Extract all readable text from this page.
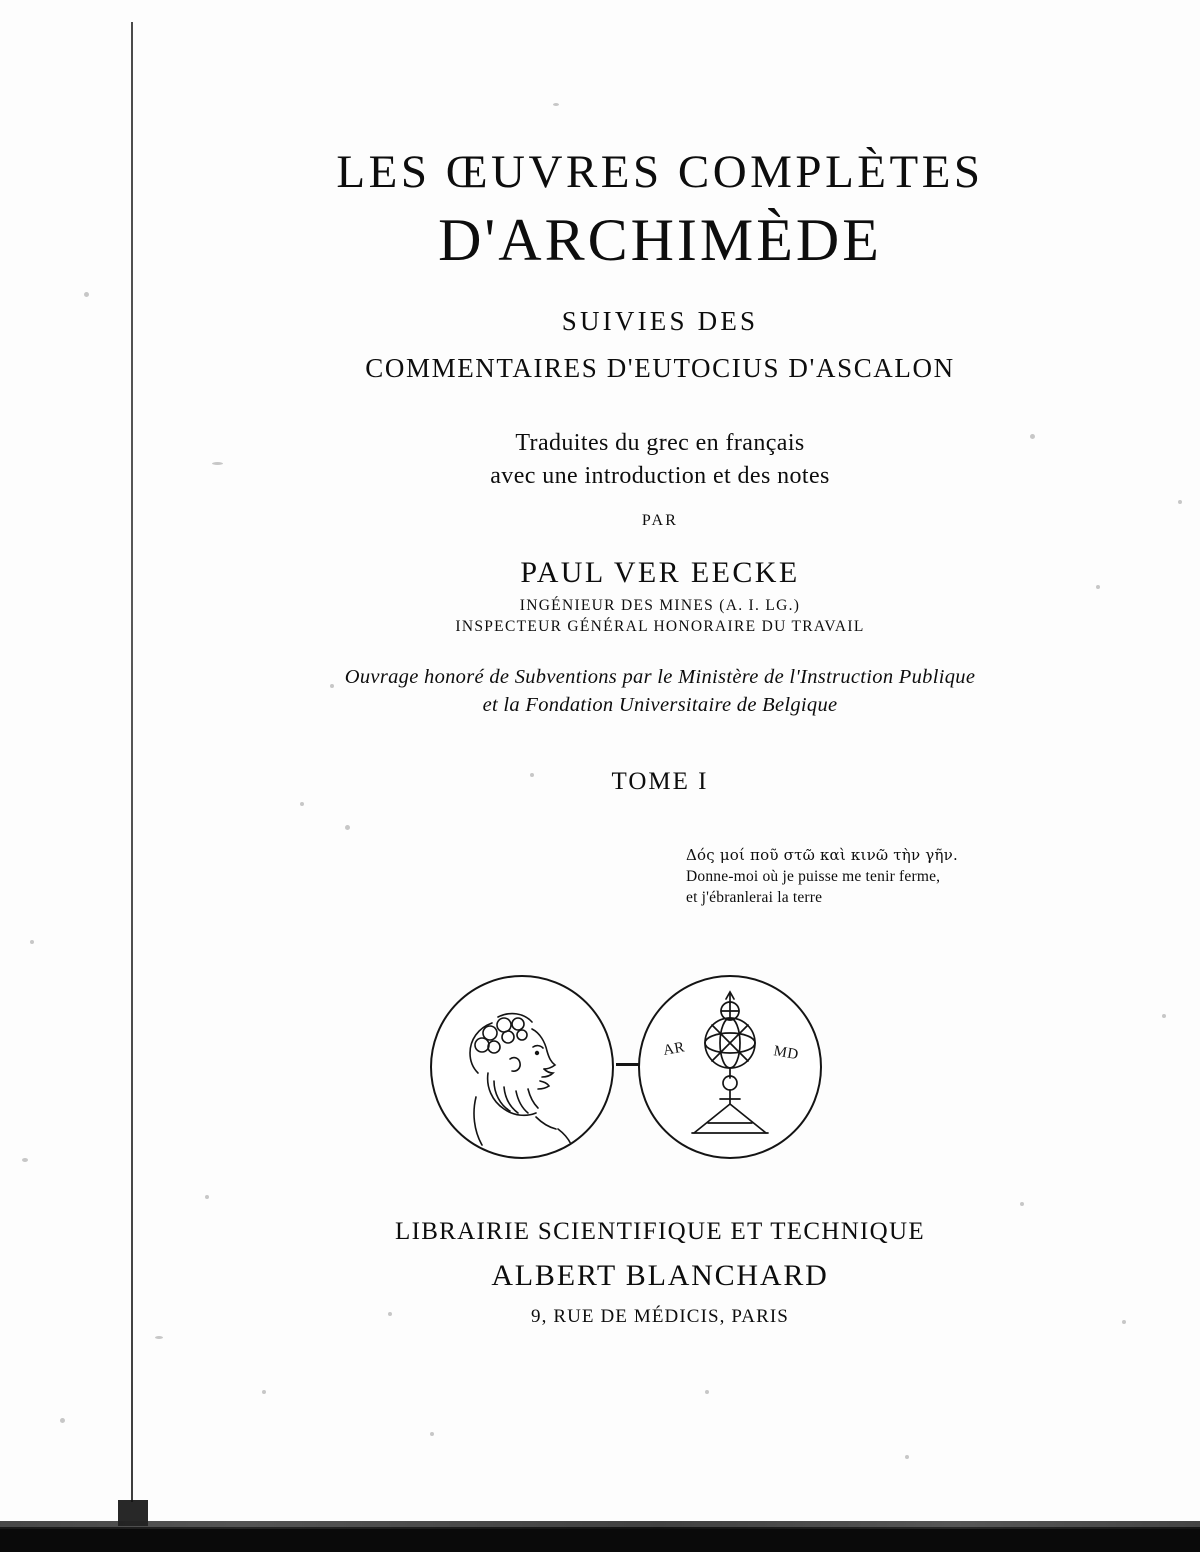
LES ŒUVRES COMPLÈTES
D'ARCHIMÈDE
SUIVIES DES
COMMENTAIRES D'EUTOCIUS D'ASCALON
Traduites du grec en français
avec une introduction et des notes
PAR
PAUL VER EECKE
INGÉNIEUR DES MINES (A. I. LG.)
INSPECTEUR GÉNÉRAL HONORAIRE DU TRAVAIL
Ouvrage honoré de Subventions par le Ministère de l'Instruction Publique
et la Fondation Universitaire de Belgique
TOME I
Δός μοί ποῦ στῶ καὶ κινῶ τὴν γῆν.
Donne-moi où je puisse me tenir ferme,
et j'ébranlerai la terre
AR	MD
LIBRAIRIE SCIENTIFIQUE ET TECHNIQUE
ALBERT BLANCHARD
9, RUE DE MÉDICIS, PARIS
